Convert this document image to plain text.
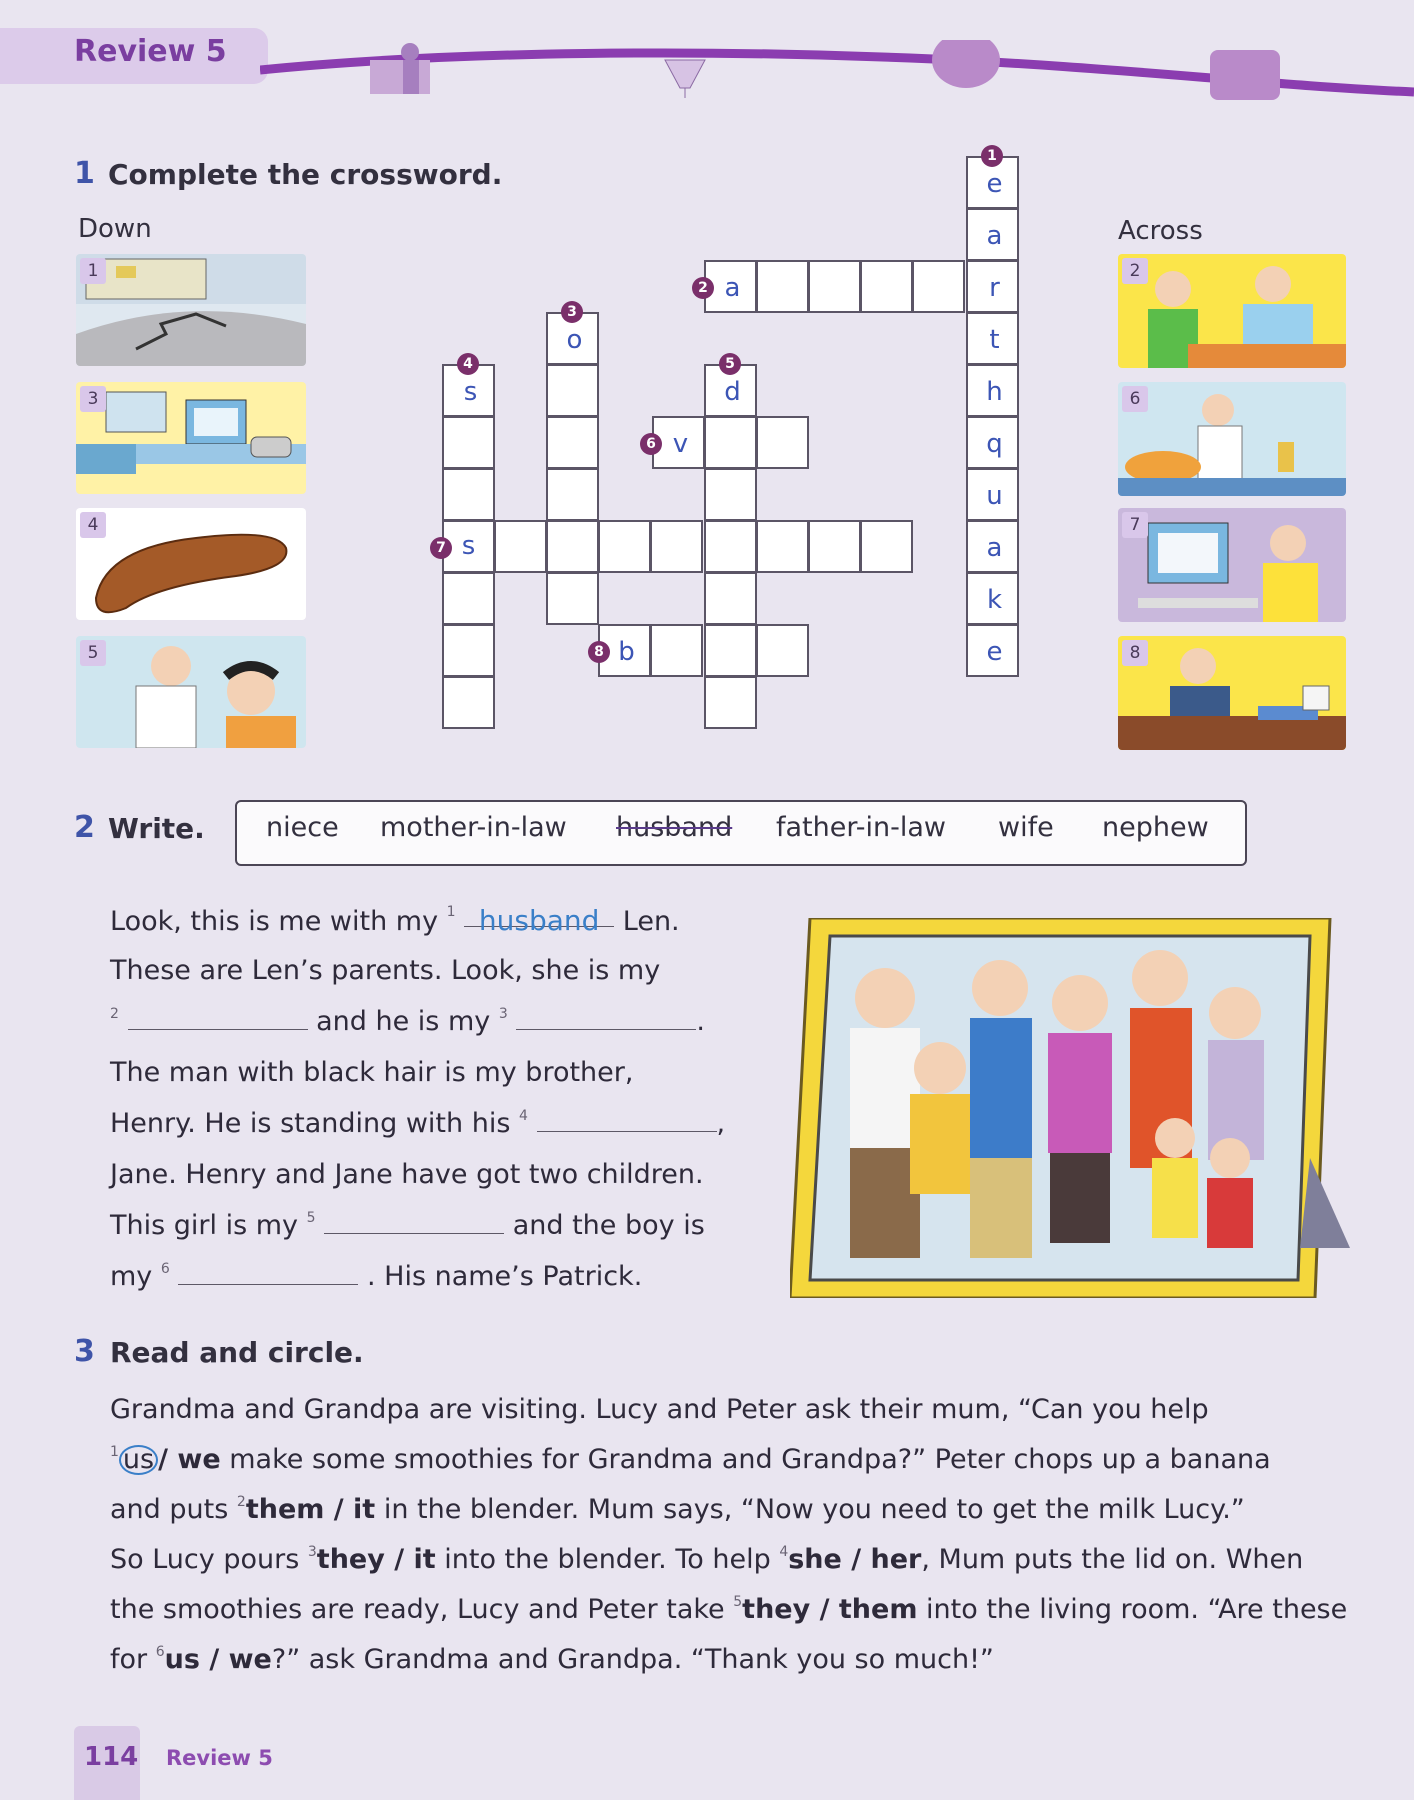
Review 5
1 Complete the crossword.
Down	Across
1
3
4
5
2
6
7
8
e
a
r
t
h
q
u
a
k
e
a
o
s	d
v
s
b
1
2
3
4	5
6
7
8
2 Write. niece mother-in-law husband father-in-law wife nephew
Look, this is me with my $^1$ husband Len.
These are Len’s parents. Look, she is my
$^2$	and he is my $^3$	.
The man with black hair is my brother,
Henry. He is standing with his $^4$	,
Jane. Henry and Jane have got two children.
This girl is my $^5$	and the boy is
my $^6$	. His name’s Patrick.
3 Read and circle.
Grandma and Grandpa are visiting. Lucy and Peter ask their mum, “Can you help
$^1$ us / we make some smoothies for Grandma and Grandpa?” Peter chops up a banana
and puts $^2$them / it in the blender. Mum says, “Now you need to get the milk Lucy.”
So Lucy pours $^3$they / it into the blender. To help $^4$she / her, Mum puts the lid on. When
the smoothies are ready, Lucy and Peter take $^5$they / them into the living room. “Are these
for $^6$us / we?” ask Grandma and Grandpa. “Thank you so much!”
114 Review 5
